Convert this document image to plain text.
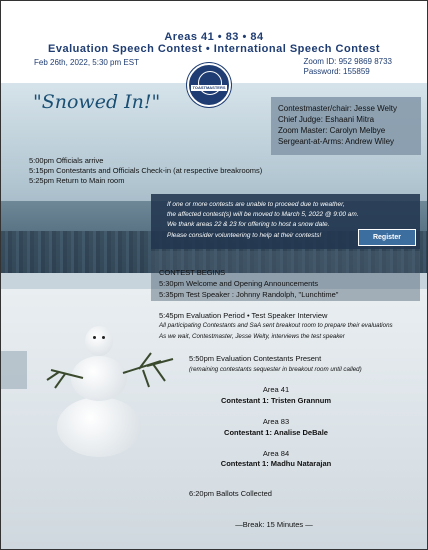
Areas 41 • 83 • 84
Evaluation Speech Contest • International Speech Contest
Feb 26th, 2022, 5:30 pm EST	Zoom ID: 952 9869 8733
Password: 155859
TOASTMASTERS
"Snowed In!"	Contestmaster/chair: Jesse Welty
Chief Judge: Eshaani Mitra
Zoom Master: Carolyn Melbye
Sergeant-at-Arms: Andrew Wiley
5:00pm Officials arrive
5:15pm Contestants and Officials Check-in (at respective breakrooms)
5:25pm Return to Main room
If one or more contests are unable to proceed due to weather,
the affected contest(s) will be moved to March 5, 2022 @ 9:00 am.
We thank areas 22 & 23 for offering to host a snow date.
Please consider volunteering to help at their contests!	Register
CONTEST BEGINS
5:30pm Welcome and Opening Announcements
5:35pm Test Speaker : Johnny Randolph, "Lunchtime"
5:45pm Evaluation Period • Test Speaker Interview
All participating Contestants and SaA sent breakout room to prepare their evaluations
As we wait, Contestmaster, Jesse Welty, interviews the test speaker
5:50pm Evaluation Contestants Present
(remaining contestants sequester in breakout room until called)
Area 41
Contestant 1: Tristen Grannum
Area 83
Contestant 1: Analise DeBale
Area 84
Contestant 1: Madhu Natarajan
6:20pm Ballots Collected
—Break: 15 Minutes —
